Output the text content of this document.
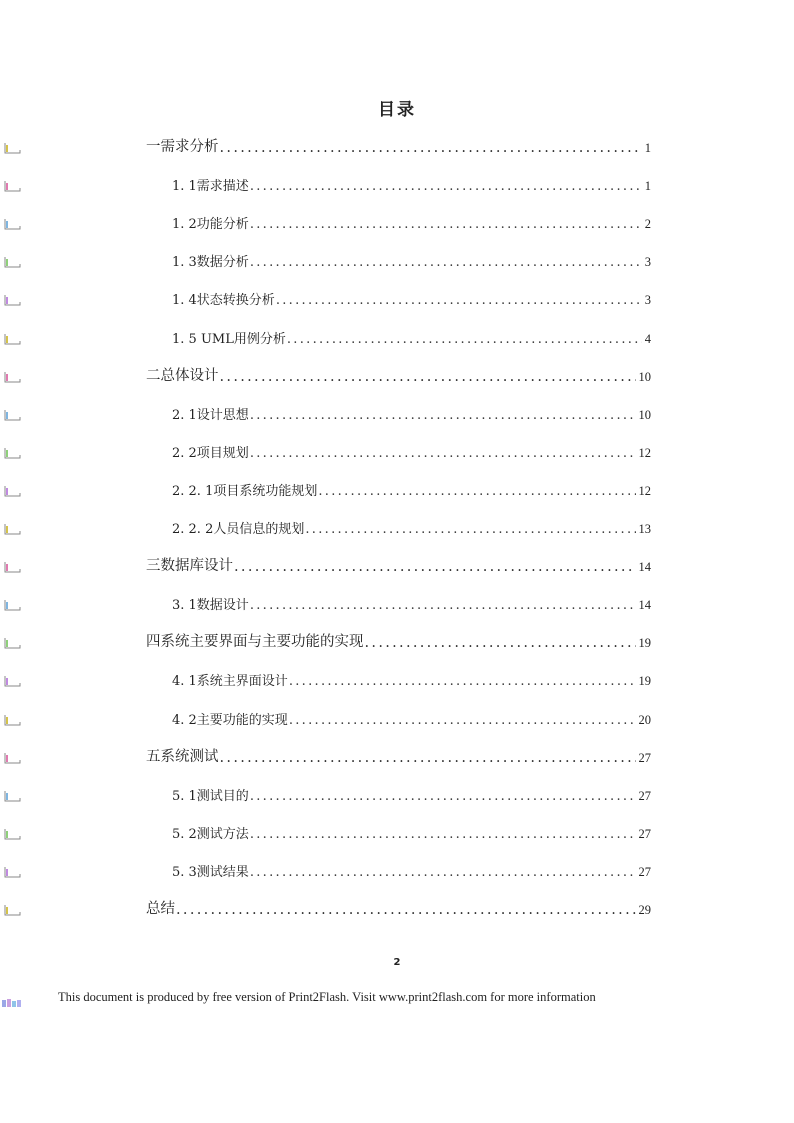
目录
一需求分析 .....	1
1. 1需求描述 .....	1
1. 2功能分析 .....	2
1. 3数据分析 .....	3
1. 4状态转换分析 .....	3
1. 5 UML用例分析 .....	4
二总体设计 .....	10
2. 1设计思想 .....	10
2. 2项目规划 .....	12
2. 2. 1项目系统功能规划 .....	12
2. 2. 2人员信息的规划 .....	13
三数据库设计 .....	14
3. 1数据设计 .....	14
四系统主要界面与主要功能的实现 .....	19
4. 1系统主界面设计 .....	19
4. 2主要功能的实现 .....	20
五系统测试 .....	27
5. 1测试目的 .....	27
5. 2测试方法 .....	27
5. 3测试结果 .....	27
总结 .....	29
2
This document is produced by free version of Print2Flash. Visit www.print2flash.com for more information
